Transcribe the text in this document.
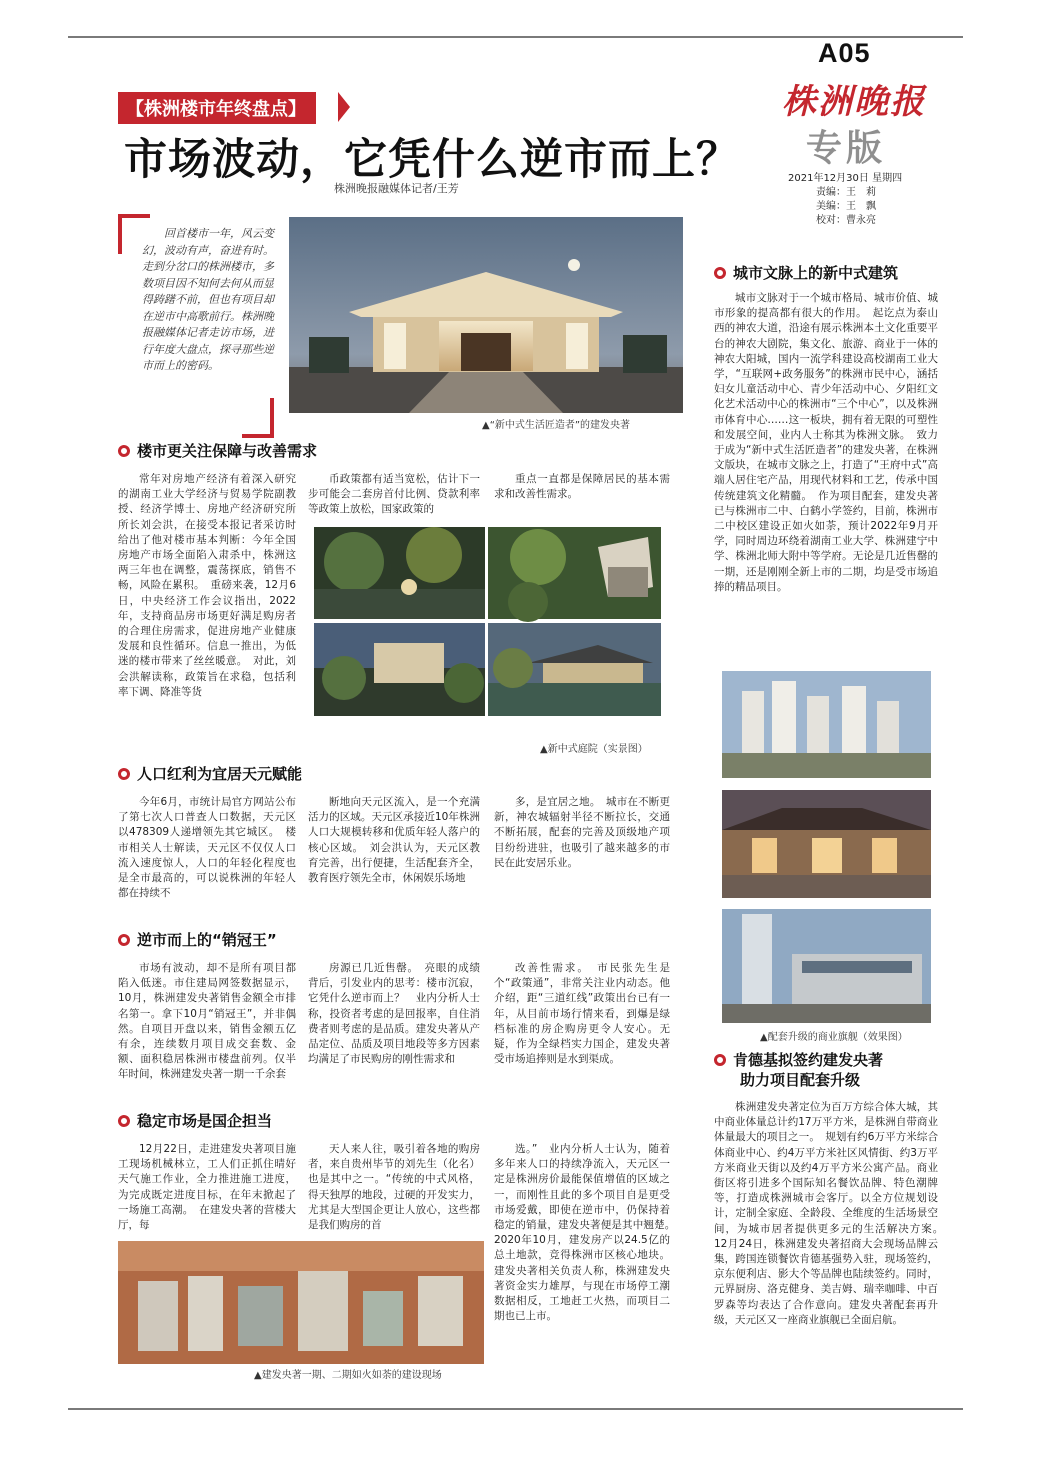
A05
株洲晚报
专版
2021年12月30日 星期四
责编：王　莉
美编：王　飘
校对：曹永亮
【株洲楼市年终盘点】
市场波动，它凭什么逆市而上？
株洲晚报融媒体记者/王芳
回首楼市一年，风云变幻，波动有声，奋进有时。走到分岔口的株洲楼市，多数项目因不知何去何从而显得踌躇不前，但也有项目却在逆市中高歌前行。株洲晚报融媒体记者走访市场，进行年度大盘点，探寻那些逆市而上的密码。
▲“新中式生活匠造者”的建发央著
楼市更关注保障与改善需求
常年对房地产经济有着深入研究的湖南工业大学经济与贸易学院副教授、经济学博士、房地产经济研究所所长刘会洪，在接受本报记者采访时给出了他对楼市基本判断：今年全国房地产市场全面陷入肃杀中，株洲这两三年也在调整，震荡探底，销售不畅，风险在累积。　重磅来袭，12月6日，中央经济工作会议指出，2022年，支持商品房市场更好满足购房者的合理住房需求，促进房地产业健康发展和良性循环。信息一推出，为低迷的楼市带来了丝丝暖意。　对此，刘会洪解读称，政策旨在求稳，包括利率下调、降准等货
币政策都有适当宽松，估计下一步可能会二套房首付比例、贷款利率等政策上放松，国家政策的
重点一直都是保障居民的基本需求和改善性需求。
▲新中式庭院（实景图）
人口红利为宜居天元赋能
今年6月，市统计局官方网站公布了第七次人口普查人口数据，天元区以478309人递增领先其它城区。　楼市相关人士解读，天元区不仅仅人口流入速度惊人，人口的年轻化程度也是全市最高的，可以说株洲的年轻人都在持续不
断地向天元区流入，是一个充满活力的区域。天元区承接近10年株洲人口大规模转移和优质年轻人落户的核心区域。　刘会洪认为，天元区教育完善，出行便捷，生活配套齐全，教育医疗领先全市，休闲娱乐场地
多，是宜居之地。　城市在不断更新，神农城辐射半径不断拉长，交通不断拓展，配套的完善及顶级地产项目纷纷进驻，也吸引了越来越多的市民在此安居乐业。
逆市而上的“销冠王”
市场有波动，却不是所有项目都陷入低迷。市住建局网签数据显示，10月，株洲建发央著销售金额全市排名第一。拿下10月“销冠王”，并非偶然。自项目开盘以来，销售金额五亿有余，连续数月项目成交套数、金额、面积稳居株洲市楼盘前列。仅半年时间，株洲建发央著一期一千余套
房源已几近售罄。　亮眼的成绩背后，引发业内的思考：楼市沉寂，它凭什么逆市而上？　业内分析人士称，投资者考虑的是回报率，自住消费者则考虑的是品质。建发央著从产品定位、品质及项目地段等多方因素均满足了市民购房的刚性需求和
改善性需求。　市民张先生是个“政策通”，非常关注业内动态。他介绍，距“三道红线”政策出台已有一年，从目前市场行情来看，到爆是绿档标准的房企购房更令人安心。无疑，作为全绿档实力国企，建发央著受市场追捧则是水到渠成。
稳定市场是国企担当
12月22日，走进建发央著项目施工现场机械林立，工人们正抓住晴好天气施工作业，全力推进施工进度，为完成既定进度目标，在年末掀起了一场施工高潮。　在建发央著的营楼大厅，每
天人来人往，吸引着各地的购房者，来自贵州毕节的刘先生（化名）也是其中之一。“传统的中式风格，得天独厚的地段，过硬的开发实力，尤其是大型国企更让人放心，这些都是我们购房的首
选。”　业内分析人士认为，随着多年来人口的持续净流入，天元区一定是株洲房价最能保值增值的区域之一，而刚性且此的多个项目自是更受市场爱戴，即使在逆市中，仍保持着稳定的销量，建发央著便是其中翘楚。　2020年10月，建发房产以24.5亿的总土地款，竞得株洲市区核心地块。建发央著相关负责人称，株洲建发央著资金实力雄厚，与现在市场停工潮数据相反，工地赶工火热，而项目二期也已上市。
▲建发央著一期、二期如火如荼的建设现场
城市文脉上的新中式建筑
城市文脉对于一个城市格局、城市价值、城市形象的提高都有很大的作用。　起讫点为泰山西的神农大道，沿途有展示株洲本土文化重要平台的神农大剧院，集文化、旅游、商业于一体的神农大阳城，国内一流学科建设高校湖南工业大学，“互联网+政务服务”的株洲市民中心，涵括妇女儿童活动中心、青少年活动中心、夕阳红文化艺术活动中心的株洲市“三个中心”，以及株洲市体育中心……这一板块，拥有着无限的可塑性和发展空间，业内人士称其为株洲文脉。　致力于成为“新中式生活匠造者”的建发央著，在株洲文版块，在城市文脉之上，打造了“王府中式”高端人居住宅产品，用现代材料和工艺，传承中国传统建筑文化精髓。　作为项目配套，建发央著已与株洲市二中、白鹤小学签约，目前，株洲市二中校区建设正如火如荼，预计2022年9月开学，同时周边环绕着湖南工业大学、株洲建宁中学、株洲北师大附中等学府。无论是几近售罄的一期，还是刚刚全新上市的二期，均是受市场追捧的精品项目。
▲配套升级的商业旗舰（效果图）
肯德基拟签约建发央著
助力项目配套升级
株洲建发央著定位为百万方综合体大城，其中商业体量总计约17万平方米，是株洲自带商业体量最大的项目之一。　规划有约6万平方米综合体商业中心、约4万平方米社区风情街、约3万平方米商业天街以及约4万平方米公寓产品。商业街区将引进多个国际知名餐饮品牌、特色潮牌等，打造成株洲城市会客厅。以全方位规划设计，定制全家庭、全龄段、全维度的生活场景空间，为城市居者提供更多元的生活解决方案。　12月24日，株洲建发央著招商大会现场品牌云集，跨国连锁餐饮肯德基强势入驻，现场签约，京东便利店、影大个等品牌也陆续签约。同时，元界厨房、洛克健身、美吉姆、瑞幸咖啡、中百罗森等均表达了合作意向。建发央著配套再升级，天元区又一座商业旗舰已全面启航。
